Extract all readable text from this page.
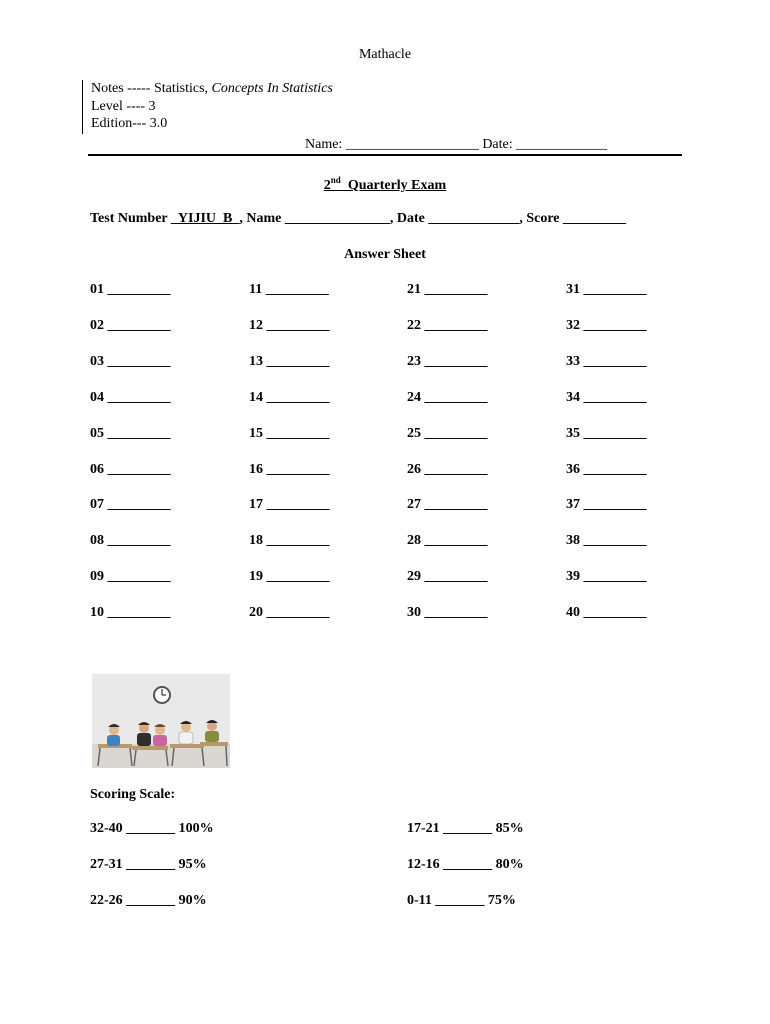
Mathacle
Notes ----- Statistics, Concepts In Statistics
Level ---- 3
Edition--- 3.0
Name: ___________________ Date: _____________
2nd  Quarterly Exam
Test Number _YIJIU_B_, Name _______________, Date _____________, Score _________
Answer Sheet
01 _________
02 _________
03 _________
04 _________
05 _________
06 _________
07 _________
08 _________
09 _________
10 _________
11 _________
12 _________
13 _________
14 _________
15 _________
16 _________
17 _________
18 _________
19 _________
20 _________
21 _________
22 _________
23 _________
24 _________
25 _________
26 _________
27 _________
28 _________
29 _________
30 _________
31 _________
32 _________
33 _________
34 _________
35 _________
36 _________
37 _________
38 _________
39 _________
40 _________
Scoring Scale:
32-40 _______ 100%
27-31 _______ 95%
22-26 _______ 90%
17-21 _______ 85%
12-16 _______ 80%
0-11 _______ 75%
